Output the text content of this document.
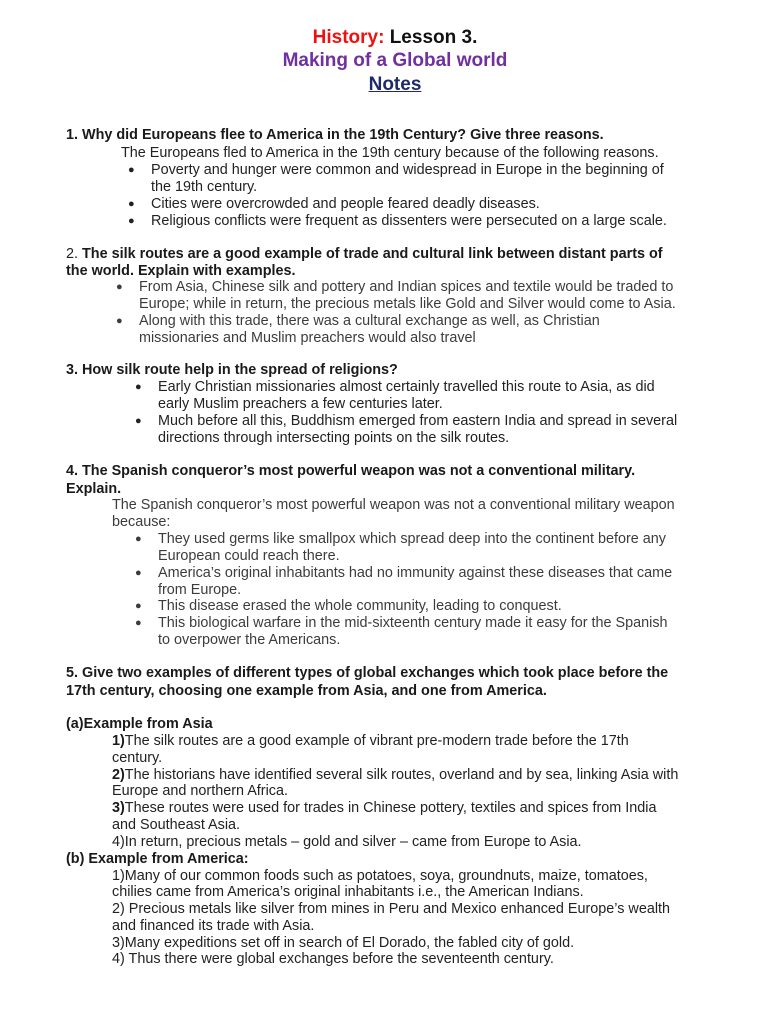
History: Lesson 3.
Making of a Global world
Notes
1. Why did Europeans flee to America in the 19th Century? Give three reasons.
The Europeans fled to America in the 19th century because of the following reasons.
● Poverty and hunger were common and widespread in Europe in the beginning of
the 19th century.
● Cities were overcrowded and people feared deadly diseases.
● Religious conflicts were frequent as dissenters were persecuted on a large scale.
2. The silk routes are a good example of trade and cultural link between distant parts of
the world. Explain with examples.
● From Asia, Chinese silk and pottery and Indian spices and textile would be traded to
Europe; while in return, the precious metals like Gold and Silver would come to Asia.
● Along with this trade, there was a cultural exchange as well, as Christian
missionaries and Muslim preachers would also travel
3. How silk route help in the spread of religions?
● Early Christian missionaries almost certainly travelled this route to Asia, as did
early Muslim preachers a few centuries later.
● Much before all this, Buddhism emerged from eastern India and spread in several
directions through intersecting points on the silk routes.
4. The Spanish conqueror’s most powerful weapon was not a conventional military.
Explain.
The Spanish conqueror’s most powerful weapon was not a conventional military weapon
because:
● They used germs like smallpox which spread deep into the continent before any
European could reach there.
● America’s original inhabitants had no immunity against these diseases that came
from Europe.
● This disease erased the whole community, leading to conquest.
● This biological warfare in the mid-sixteenth century made it easy for the Spanish
to overpower the Americans.
5. Give two examples of different types of global exchanges which took place before the
17th century, choosing one example from Asia, and one from America.
(a)Example from Asia
1)The silk routes are a good example of vibrant pre-modern trade before the 17th
century.
2)The historians have identified several silk routes, overland and by sea, linking Asia with
Europe and northern Africa.
3)These routes were used for trades in Chinese pottery, textiles and spices from India
and Southeast Asia.
4)In return, precious metals – gold and silver – came from Europe to Asia.
(b) Example from America:
1)Many of our common foods such as potatoes, soya, groundnuts, maize, tomatoes,
chilies came from America’s original inhabitants i.e., the American Indians.
2) Precious metals like silver from mines in Peru and Mexico enhanced Europe’s wealth
and financed its trade with Asia.
3)Many expeditions set off in search of El Dorado, the fabled city of gold.
4) Thus there were global exchanges before the seventeenth century.
